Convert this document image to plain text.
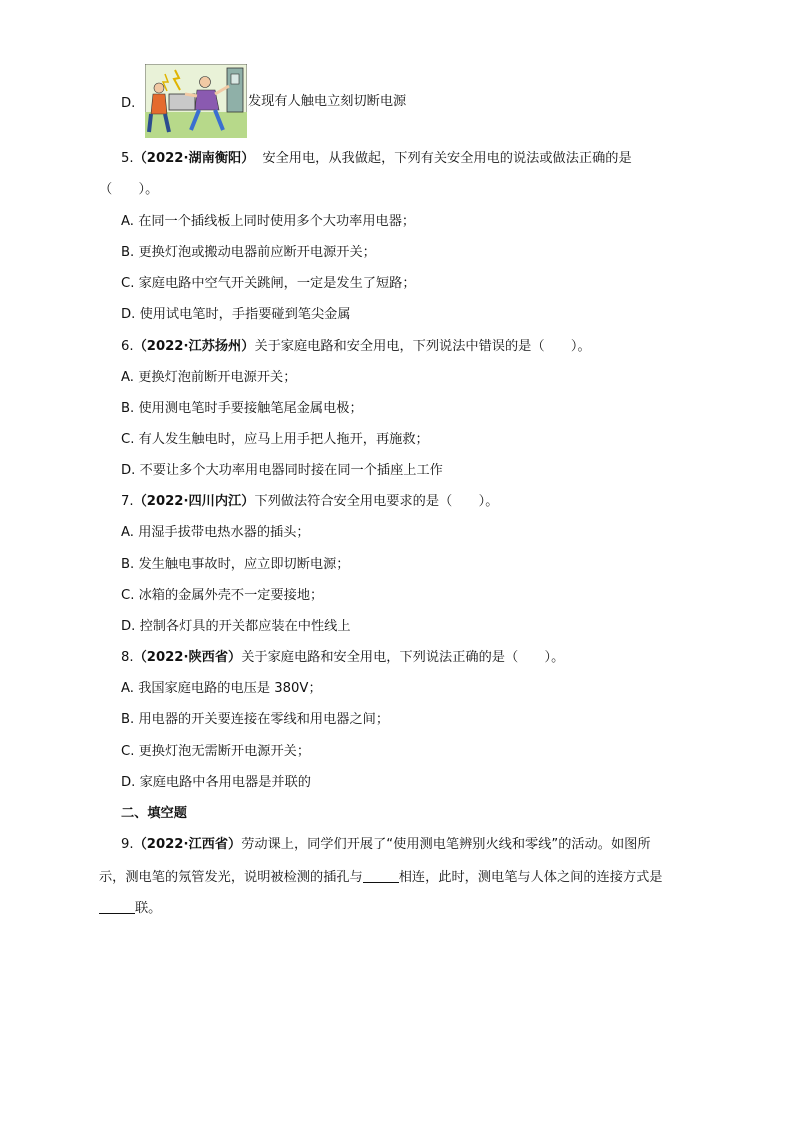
D.	发现有人触电立刻切断电源
5.（2022·湖南衡阳） 安全用电，从我做起，下列有关安全用电的说法或做法正确的是
（　　）。
A. 在同一个插线板上同时使用多个大功率用电器；
B. 更换灯泡或搬动电器前应断开电源开关；
C. 家庭电路中空气开关跳闸，一定是发生了短路；
D. 使用试电笔时，手指要碰到笔尖金属
6.（2022·江苏扬州）关于家庭电路和安全用电，下列说法中错误的是（　　）。
A. 更换灯泡前断开电源开关；
B. 使用测电笔时手要接触笔尾金属电极；
C. 有人发生触电时，应马上用手把人拖开，再施救；
D. 不要让多个大功率用电器同时接在同一个插座上工作
7.（2022·四川内江）下列做法符合安全用电要求的是（　　）。
A. 用湿手拔带电热水器的插头；
B. 发生触电事故时，应立即切断电源；
C. 冰箱的金属外壳不一定要接地；
D. 控制各灯具的开关都应装在中性线上
8.（2022·陕西省）关于家庭电路和安全用电，下列说法正确的是（　　）。
A. 我国家庭电路的电压是 380V；
B. 用电器的开关要连接在零线和用电器之间；
C. 更换灯泡无需断开电源开关；
D. 家庭电路中各用电器是并联的
二、填空题
9.（2022·江西省）劳动课上，同学们开展了“使用测电笔辨别火线和零线”的活动。如图所
示，测电笔的氖管发光，说明被检测的插孔与	相连，此时，测电笔与人体之间的连接方式是
联。
